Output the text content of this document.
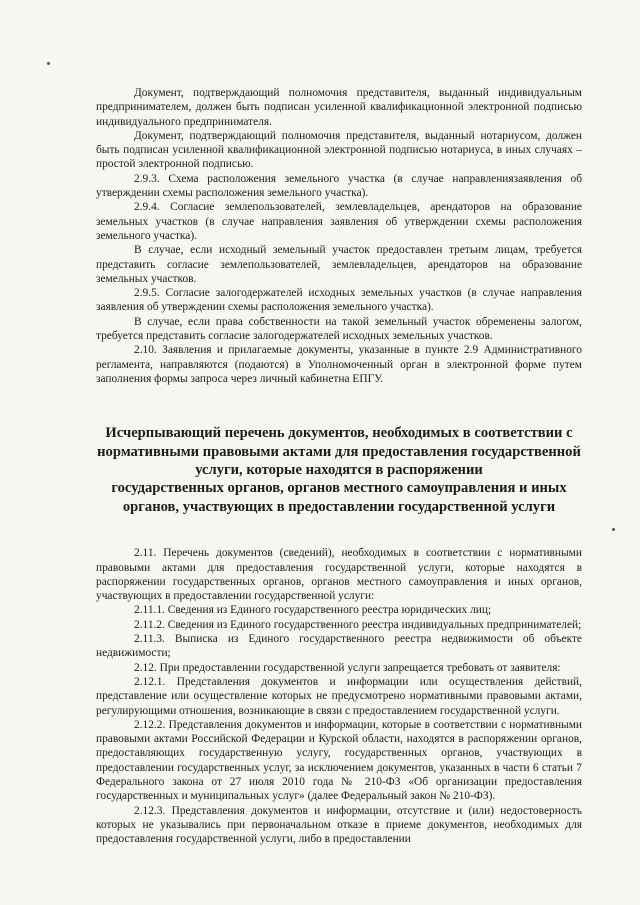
Документ, подтверждающий полномочия представителя, выданный индивидуальным предпринимателем, должен быть подписан усиленной квалификационной электронной подписью индивидуального предпринимателя.

Документ, подтверждающий полномочия представителя, выданный нотариусом, должен быть подписан усиленной квалификационной электронной подписью нотариуса, в иных случаях – простой электронной подписью.

2.9.3. Схема расположения земельного участка (в случае направлениязаявления об утверждении схемы расположения земельного участка).

2.9.4. Согласие землепользователей, землевладельцев, арендаторов на образование земельных участков (в случае направления заявления об утверждении схемы расположения земельного участка).

В случае, если исходный земельный участок предоставлен третьим лицам, требуется представить согласие землепользователей, землевладельцев, арендаторов на образование земельных участков.

2.9.5. Согласие залогодержателей исходных земельных участков (в случае направления заявления об утверждении схемы расположения земельного участка).

В случае, если права собственности на такой земельный участок обременены залогом, требуется представить согласие залогодержателей исходных земельных участков.

2.10. Заявления и прилагаемые документы, указанные в пункте 2.9 Административного регламента, направляются (подаются) в Уполномоченный орган в электронной форме путем заполнения формы запроса через личный кабинетна ЕПГУ.

Исчерпывающий перечень документов, необходимых в соответствии с
нормативными правовыми актами для предоставления государственной
услуги, которые находятся в распоряжении
государственных органов, органов местного самоуправления и иных
органов, участвующих в предоставлении государственной услуги

2.11. Перечень документов (сведений), необходимых в соответствии с нормативными правовыми актами для предоставления государственной услуги, которые находятся в распоряжении государственных органов, органов местного самоуправления и иных органов, участвующих в предоставлении государственной услуги:

2.11.1. Сведения из Единого государственного реестра юридических лиц;

2.11.2. Сведения из Единого государственного реестра индивидуальных предпринимателей;

2.11.3. Выписка из Единого государственного реестра недвижимости об объекте недвижимости;

2.12. При предоставлении государственной услуги запрещается требовать от заявителя:

2.12.1. Представления документов и информации или осуществления действий, представление или осуществление которых не предусмотрено нормативными правовыми актами, регулирующими отношения, возникающие в связи с предоставлением государственной услуги.

2.12.2. Представления документов и информации, которые в соответствии с нормативными правовыми актами Российской Федерации и Курской области, находятся в распоряжении органов, предоставляющих государственную услугу, государственных органов, участвующих в предоставлении государственных услуг, за исключением документов, указанных в части 6 статьи 7 Федерального закона от 27 июля 2010 года № 210-ФЗ «Об организации предоставления государственных и муниципальных услуг» (далее Федеральный закон № 210-ФЗ).

2.12.3. Представления документов и информации, отсутствие и (или) недостоверность которых не указывались при первоначальном отказе в приеме документов, необходимых для предоставления государственной услуги, либо в предоставлении
